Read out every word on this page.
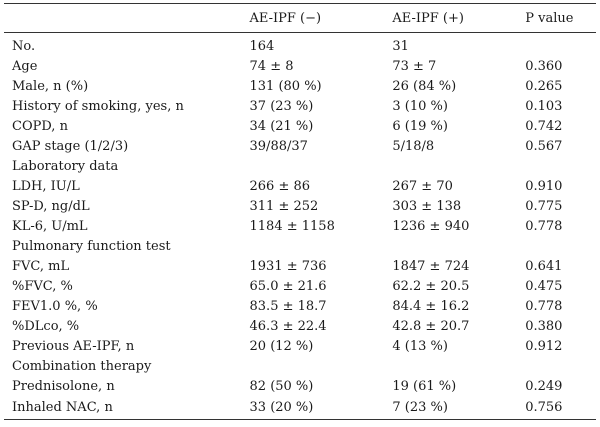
	AE-IPF (−)	AE-IPF (+)	P value
No.	164	31	
Age	74 ± 8	73 ± 7	0.360
Male, n (%)	131 (80 %)	26 (84 %)	0.265
History of smoking, yes, n	37 (23 %)	3 (10 %)	0.103
COPD, n	34 (21 %)	6 (19 %)	0.742
GAP stage (1/2/3)	39/88/37	5/18/8	0.567
Laboratory data			
LDH, IU/L	266 ± 86	267 ± 70	0.910
SP-D, ng/dL	311 ± 252	303 ± 138	0.775
KL-6, U/mL	1184 ± 1158	1236 ± 940	0.778
Pulmonary function test			
FVC, mL	1931 ± 736	1847 ± 724	0.641
%FVC, %	65.0 ± 21.6	62.2 ± 20.5	0.475
FEV1.0 %, %	83.5 ± 18.7	84.4 ± 16.2	0.778
%DLco, %	46.3 ± 22.4	42.8 ± 20.7	0.380
Previous AE-IPF, n	20 (12 %)	4 (13 %)	0.912
Combination therapy			
Prednisolone, n	82 (50 %)	19 (61 %)	0.249
Inhaled NAC, n	33 (20 %)	7 (23 %)	0.756
